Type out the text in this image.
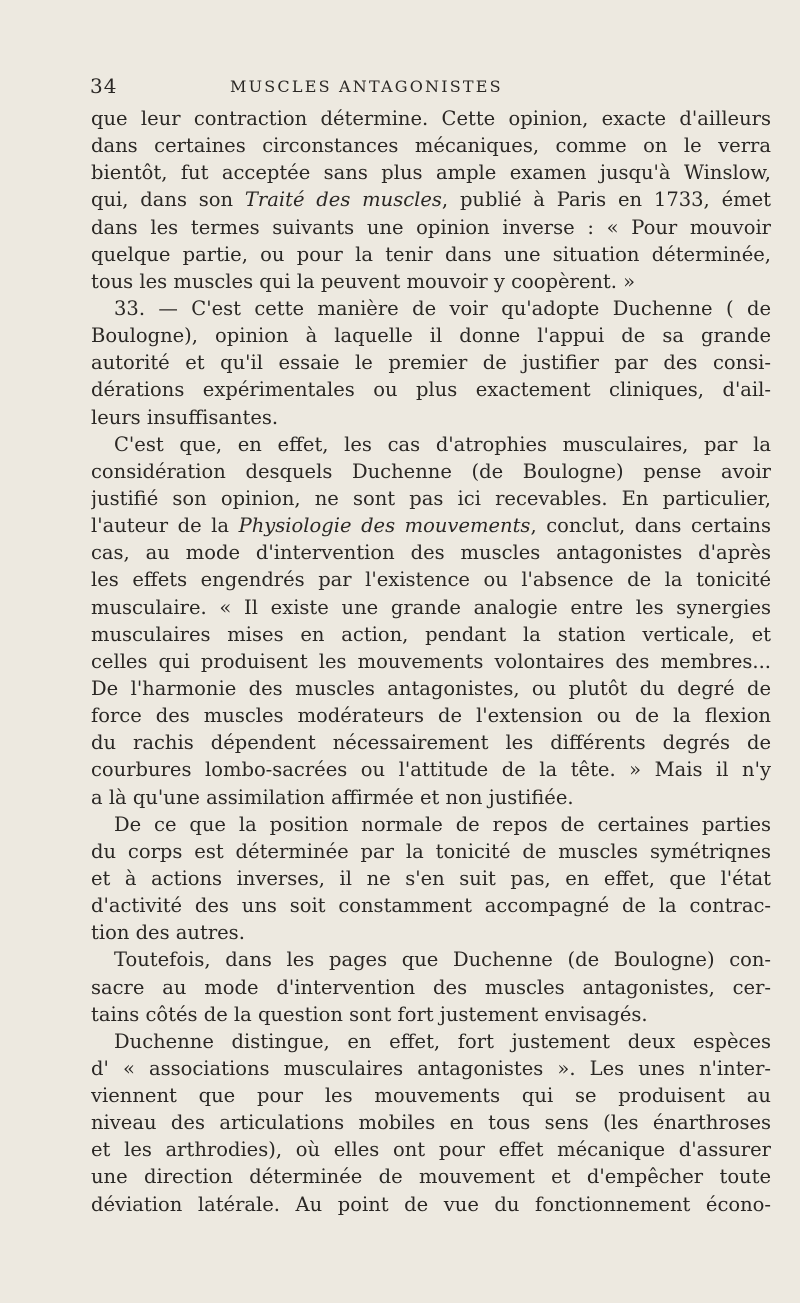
34	MUSCLES ANTAGONISTES
que leur contraction détermine. Cette opinion, exacte d'ailleurs
dans certaines circonstances mécaniques, comme on le verra
bientôt, fut acceptée sans plus ample examen jusqu'à Winslow,
qui, dans son Traité des muscles, publié à Paris en 1733, émet
dans les termes suivants une opinion inverse : « Pour mouvoir
quelque partie, ou pour la tenir dans une situation déterminée,
tous les muscles qui la peuvent mouvoir y coopèrent. »
33. — C'est cette manière de voir qu'adopte Duchenne ( de
Boulogne), opinion à laquelle il donne l'appui de sa grande
autorité et qu'il essaie le premier de justifier par des consi-
dérations expérimentales ou plus exactement cliniques, d'ail-
leurs insuffisantes.
C'est que, en effet, les cas d'atrophies musculaires, par la
considération desquels Duchenne (de Boulogne) pense avoir
justifié son opinion, ne sont pas ici recevables. En particulier,
l'auteur de la Physiologie des mouvements, conclut, dans certains
cas, au mode d'intervention des muscles antagonistes d'après
les effets engendrés par l'existence ou l'absence de la tonicité
musculaire. « Il existe une grande analogie entre les synergies
musculaires mises en action, pendant la station verticale, et
celles qui produisent les mouvements volontaires des membres...
De l'harmonie des muscles antagonistes, ou plutôt du degré de
force des muscles modérateurs de l'extension ou de la flexion
du rachis dépendent nécessairement les différents degrés de
courbures lombo-sacrées ou l'attitude de la tête. » Mais il n'y
a là qu'une assimilation affirmée et non justifiée.
De ce que la position normale de repos de certaines parties
du corps est déterminée par la tonicité de muscles symétriqnes
et à actions inverses, il ne s'en suit pas, en effet, que l'état
d'activité des uns soit constamment accompagné de la contrac-
tion des autres.
Toutefois, dans les pages que Duchenne (de Boulogne) con-
sacre au mode d'intervention des muscles antagonistes, cer-
tains côtés de la question sont fort justement envisagés.
Duchenne distingue, en effet, fort justement deux espèces
d' « associations musculaires antagonistes ». Les unes n'inter-
viennent que pour les mouvements qui se produisent au
niveau des articulations mobiles en tous sens (les énarthroses
et les arthrodies), où elles ont pour effet mécanique d'assurer
une direction déterminée de mouvement et d'empêcher toute
déviation latérale. Au point de vue du fonctionnement écono-
